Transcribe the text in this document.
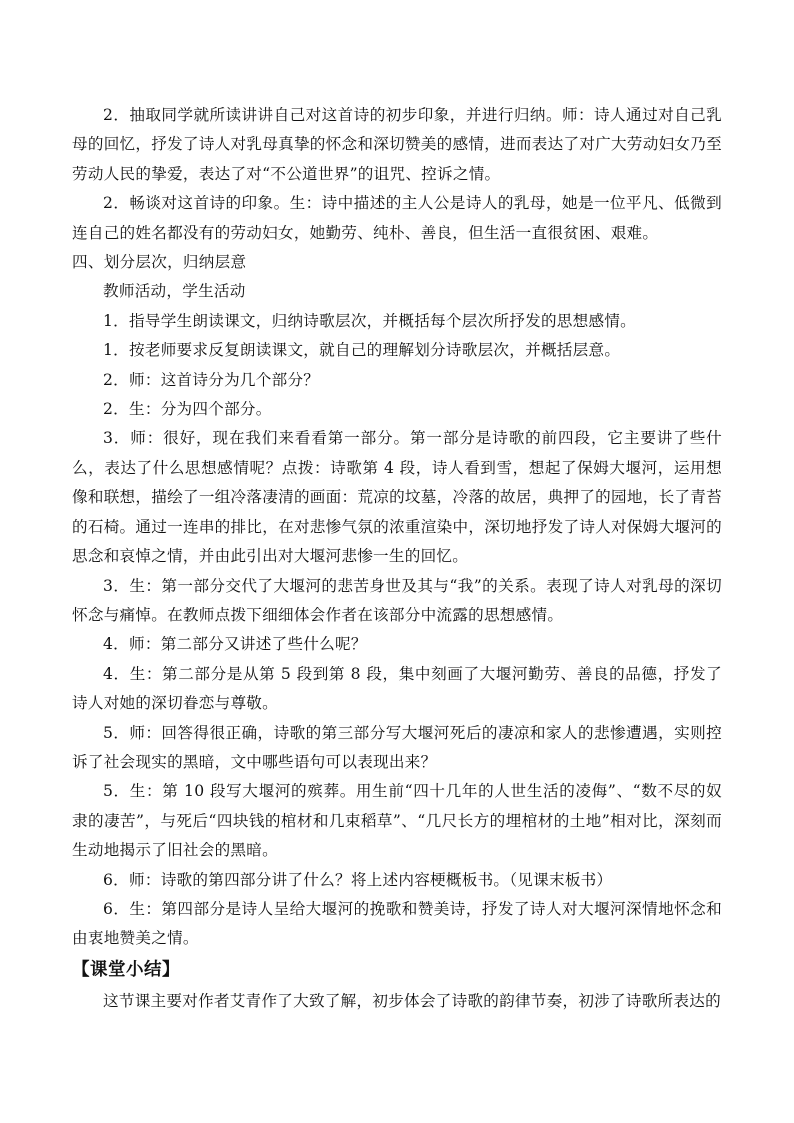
2．抽取同学就所读讲讲自己对这首诗的初步印象，并进行归纳。师：诗人通过对自己乳母的回忆，抒发了诗人对乳母真挚的怀念和深切赞美的感情，进而表达了对广大劳动妇女乃至劳动人民的挚爱，表达了对“不公道世界”的诅咒、控诉之情。

2．畅谈对这首诗的印象。生：诗中描述的主人公是诗人的乳母，她是一位平凡、低微到连自己的姓名都没有的劳动妇女，她勤劳、纯朴、善良，但生活一直很贫困、艰难。

四、划分层次，归纳层意

教师活动，学生活动

1．指导学生朗读课文，归纳诗歌层次，并概括每个层次所抒发的思想感情。

1．按老师要求反复朗读课文，就自己的理解划分诗歌层次，并概括层意。

2．师：这首诗分为几个部分？

2．生：分为四个部分。

3．师：很好，现在我们来看看第一部分。第一部分是诗歌的前四段，它主要讲了些什么，表达了什么思想感情呢？点拨：诗歌第 4 段，诗人看到雪，想起了保姆大堰河，运用想像和联想，描绘了一组冷落凄清的画面：荒凉的坟墓，冷落的故居，典押了的园地，长了青苔的石椅。通过一连串的排比，在对悲惨气氛的浓重渲染中，深切地抒发了诗人对保姆大堰河的思念和哀悼之情，并由此引出对大堰河悲惨一生的回忆。

3．生：第一部分交代了大堰河的悲苦身世及其与“我”的关系。表现了诗人对乳母的深切怀念与痛悼。在教师点拨下细细体会作者在该部分中流露的思想感情。

4．师：第二部分又讲述了些什么呢？

4．生：第二部分是从第 5 段到第 8 段，集中刻画了大堰河勤劳、善良的品德，抒发了诗人对她的深切眷恋与尊敬。

5．师：回答得很正确，诗歌的第三部分写大堰河死后的凄凉和家人的悲惨遭遇，实则控诉了社会现实的黑暗，文中哪些语句可以表现出来？

5．生：第 10 段写大堰河的殡葬。用生前“四十几年的人世生活的凌侮”、“数不尽的奴隶的凄苦”，与死后“四块钱的棺材和几束稻草”、“几尺长方的埋棺材的土地”相对比，深刻而生动地揭示了旧社会的黑暗。

6．师：诗歌的第四部分讲了什么？将上述内容梗概板书。（见课末板书）

6．生：第四部分是诗人呈给大堰河的挽歌和赞美诗，抒发了诗人对大堰河深情地怀念和由衷地赞美之情。

【课堂小结】

这节课主要对作者艾青作了大致了解，初步体会了诗歌的韵律节奏，初涉了诗歌所表达的
